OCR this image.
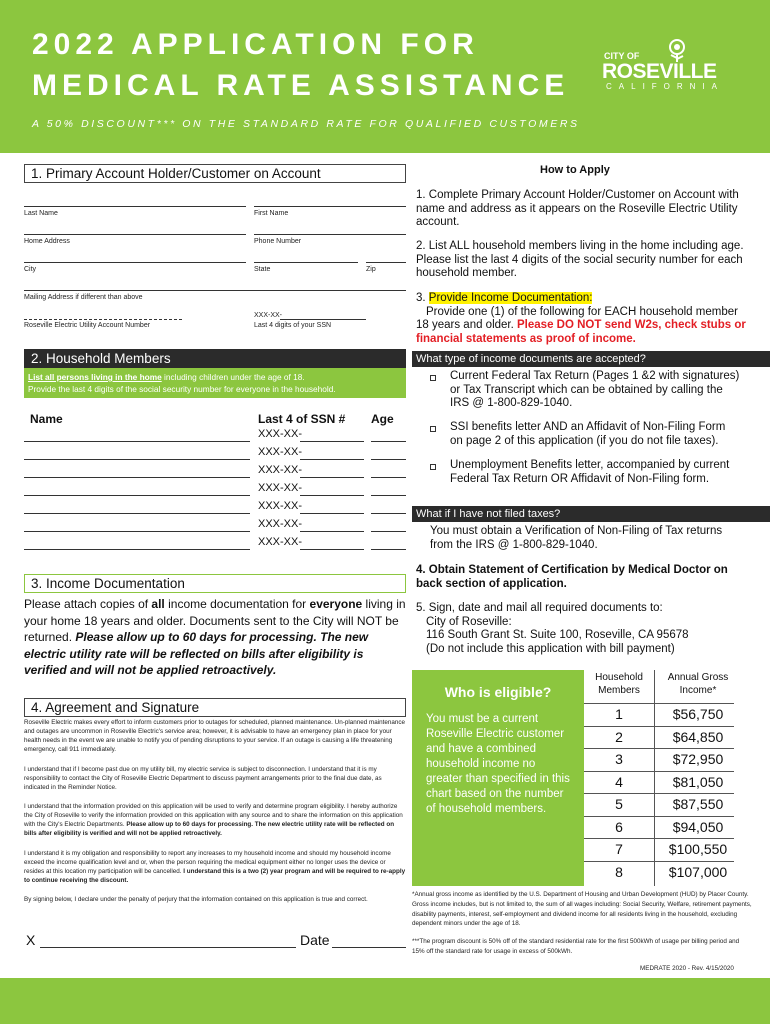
2022 APPLICATION FOR
MEDICAL RATE ASSISTANCE
A 50% DISCOUNT*** ON THE STANDARD RATE FOR QUALIFIED CUSTOMERS
CITY OF
ROSEVILLE
CALIFORNIA
1. Primary Account Holder/Customer on Account
Last Name	First Name
Home Address	Phone Number
City	State	Zip
Mailing Address if different than above
Roseville Electric Utility Account Number
XXX-XX-
Last 4 digits of your SSN
2. Household Members
List all persons living in the home including children under the age of 18.
Provide the last 4 digits of the social security number for everyone in the household.
Name	Last 4 of SSN # Age
XXX-XX-
XXX-XX-
XXX-XX-
XXX-XX-
XXX-XX-
XXX-XX-
XXX-XX-
3. Income Documentation
Please attach copies of all income documentation for everyone living in your home 18 years and older. Documents sent to the City will NOT be returned. Please allow up to 60 days for processing. The new electric utility rate will be reflected on bills after eligibility is verified and will not be applied retroactively.
4. Agreement and Signature
Roseville Electric makes every effort to inform customers prior to outages for scheduled, planned maintenance. Un-planned maintenance and outages are uncommon in Roseville Electric's service area; however, it is advisable to have an emergency plan in place for your health needs in the event we are unable to notify you of pending disruptions to your service. If an outage is causing a life threatening emergency, call 911 immediately.
I understand that if I become past due on my utility bill, my electric service is subject to disconnection. I understand that it is my responsibility to contact the City of Roseville Electric Department to discuss payment arrangements prior to the final due date, as indicated in the Reminder Notice.
I understand that the information provided on this application will be used to verify and determine program eligibility. I hereby authorize the City of Roseville to verify the information provided on this application with any source and to share the information on this application with the City's Electric Departments. Please allow up to 60 days for processing. The new electric utility rate will be reflected on bills after eligibility is verified and will not be applied retroactively.
I understand it is my obligation and responsibility to report any increases to my household income and should my household income exceed the income qualification level and or, when the person requiring the medical equipment either no longer uses the device or resides at this location my participation will be cancelled. I understand this is a two (2) year program and will be required to re-apply to continue receiving the discount.
By signing below, I declare under the penalty of perjury that the information contained on this application is true and correct.
X	Date
How to Apply
1. Complete Primary Account Holder/Customer on Account with name and address as it appears on the Roseville Electric Utility account.
2. List ALL household members living in the home including age. Please list the last 4 digits of the social security number for each household member.
3. Provide Income Documentation:
Provide one (1) of the following for EACH household member 18 years and older. Please DO NOT send W2s, check stubs or financial statements as proof of income.
What type of income documents are accepted?
Current Federal Tax Return (Pages 1 &2 with signatures) or Tax Transcript which can be obtained by calling the IRS @ 1-800-829-1040.
SSI benefits letter AND an Affidavit of Non-Filing Form on page 2 of this application (if you do not file taxes).
Unemployment Benefits letter, accompanied by current Federal Tax Return OR Affidavit of Non-Filing form.
What if I have not filed taxes?
You must obtain a Verification of Non-Filing of Tax returns from the IRS @ 1-800-829-1040.
4. Obtain Statement of Certification by Medical Doctor on back section of application.
5. Sign, date and mail all required documents to:
City of Roseville:
116 South Grant St. Suite 100, Roseville, CA 95678
(Do not include this application with bill payment)
Who is eligible?
You must be a current Roseville Electric customer and have a combined household income no greater than specified in this chart based on the number of household members.
Household Members
Annual Gross Income*
1	$56,750
2	$64,850
3	$72,950
4	$81,050
5	$87,550
6	$94,050
7	$100,550
8	$107,000
*Annual gross income as identified by the U.S. Department of Housing and Urban Development (HUD) by Placer County. Gross income includes, but is not limited to, the sum of all wages including: Social Security, Welfare, retirement payments, disability payments, interest, self-employment and dividend income for all residents living in the household, excluding dependent minors under the age of 18.
***The program discount is 50% off of the standard residential rate for the first 500kWh of usage per billing period and 15% off the standard rate for usage in excess of 500kWh.
MEDRATE 2020 - Rev. 4/15/2020
